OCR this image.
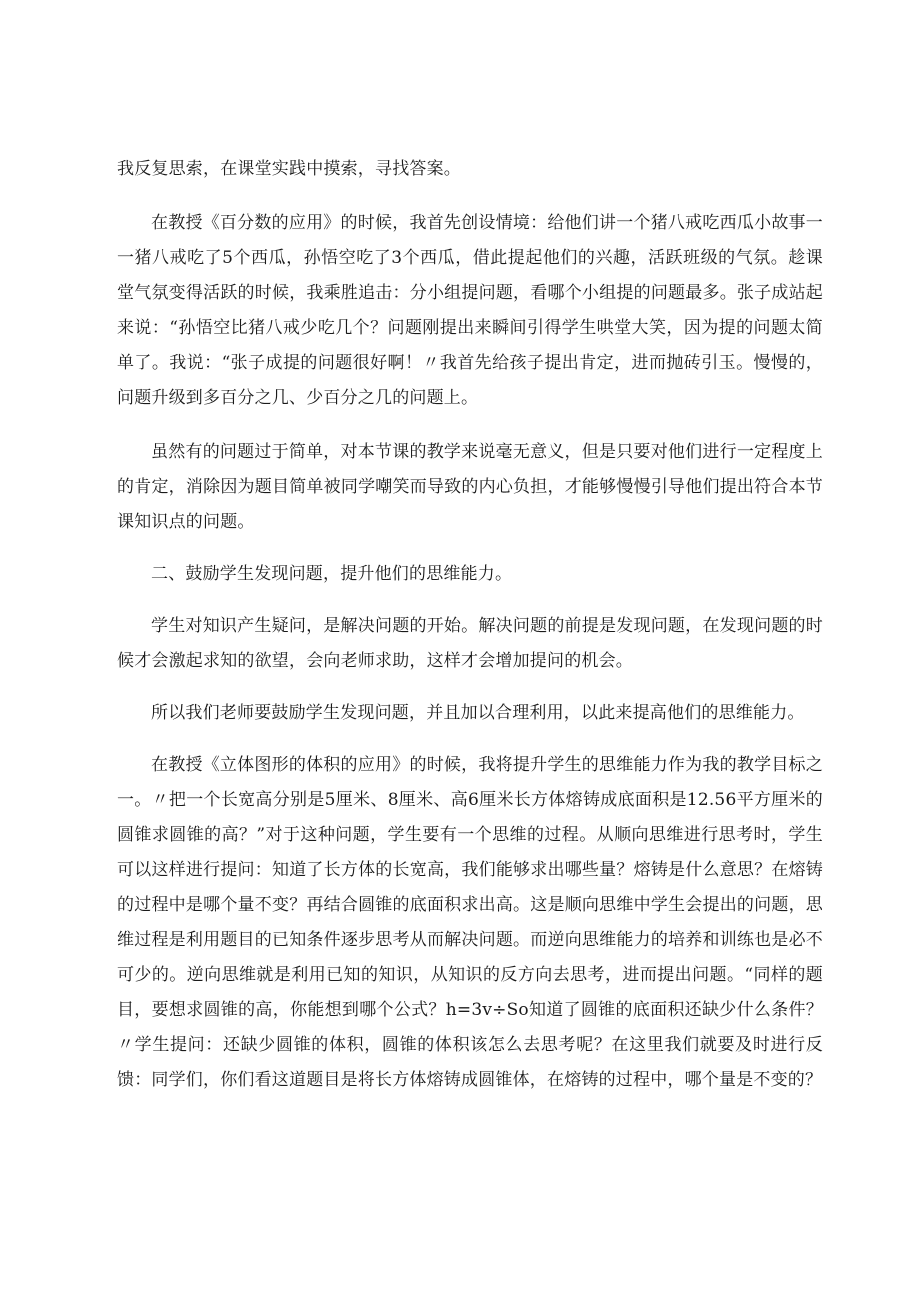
我反复思索，在课堂实践中摸索，寻找答案。

在教授《百分数的应用》的时候，我首先创设情境：给他们讲一个猪八戒吃西瓜小故事一一猪八戒吃了5个西瓜，孙悟空吃了3个西瓜，借此提起他们的兴趣，活跃班级的气氛。趁课堂气氛变得活跃的时候，我乘胜追击：分小组提问题，看哪个小组提的问题最多。张子成站起来说：“孙悟空比猪八戒少吃几个？问题刚提出来瞬间引得学生哄堂大笑，因为提的问题太简单了。我说：“张子成提的问题很好啊！〃我首先给孩子提出肯定，进而抛砖引玉。慢慢的，问题升级到多百分之几、少百分之几的问题上。

虽然有的问题过于简单，对本节课的教学来说毫无意义，但是只要对他们进行一定程度上的肯定，消除因为题目简单被同学嘲笑而导致的内心负担，才能够慢慢引导他们提出符合本节课知识点的问题。

二、鼓励学生发现问题，提升他们的思维能力。

学生对知识产生疑问，是解决问题的开始。解决问题的前提是发现问题，在发现问题的时候才会激起求知的欲望，会向老师求助，这样才会增加提问的机会。

所以我们老师要鼓励学生发现问题，并且加以合理利用，以此来提高他们的思维能力。

在教授《立体图形的体积的应用》的时候，我将提升学生的思维能力作为我的教学目标之一。〃把一个长宽高分别是5厘米、8厘米、高6厘米长方体熔铸成底面积是12.56平方厘米的圆锥求圆锥的高？”对于这种问题，学生要有一个思维的过程。从顺向思维进行思考时，学生可以这样进行提问：知道了长方体的长宽高，我们能够求出哪些量？熔铸是什么意思？在熔铸的过程中是哪个量不变？再结合圆锥的底面积求出高。这是顺向思维中学生会提出的问题，思维过程是利用题目的已知条件逐步思考从而解决问题。而逆向思维能力的培养和训练也是必不可少的。逆向思维就是利用已知的知识，从知识的反方向去思考，进而提出问题。“同样的题目，要想求圆锥的高，你能想到哪个公式？h=3v÷So知道了圆锥的底面积还缺少什么条件？〃学生提问：还缺少圆锥的体积，圆锥的体积该怎么去思考呢？在这里我们就要及时进行反馈：同学们，你们看这道题目是将长方体熔铸成圆锥体，在熔铸的过程中，哪个量是不变的？
